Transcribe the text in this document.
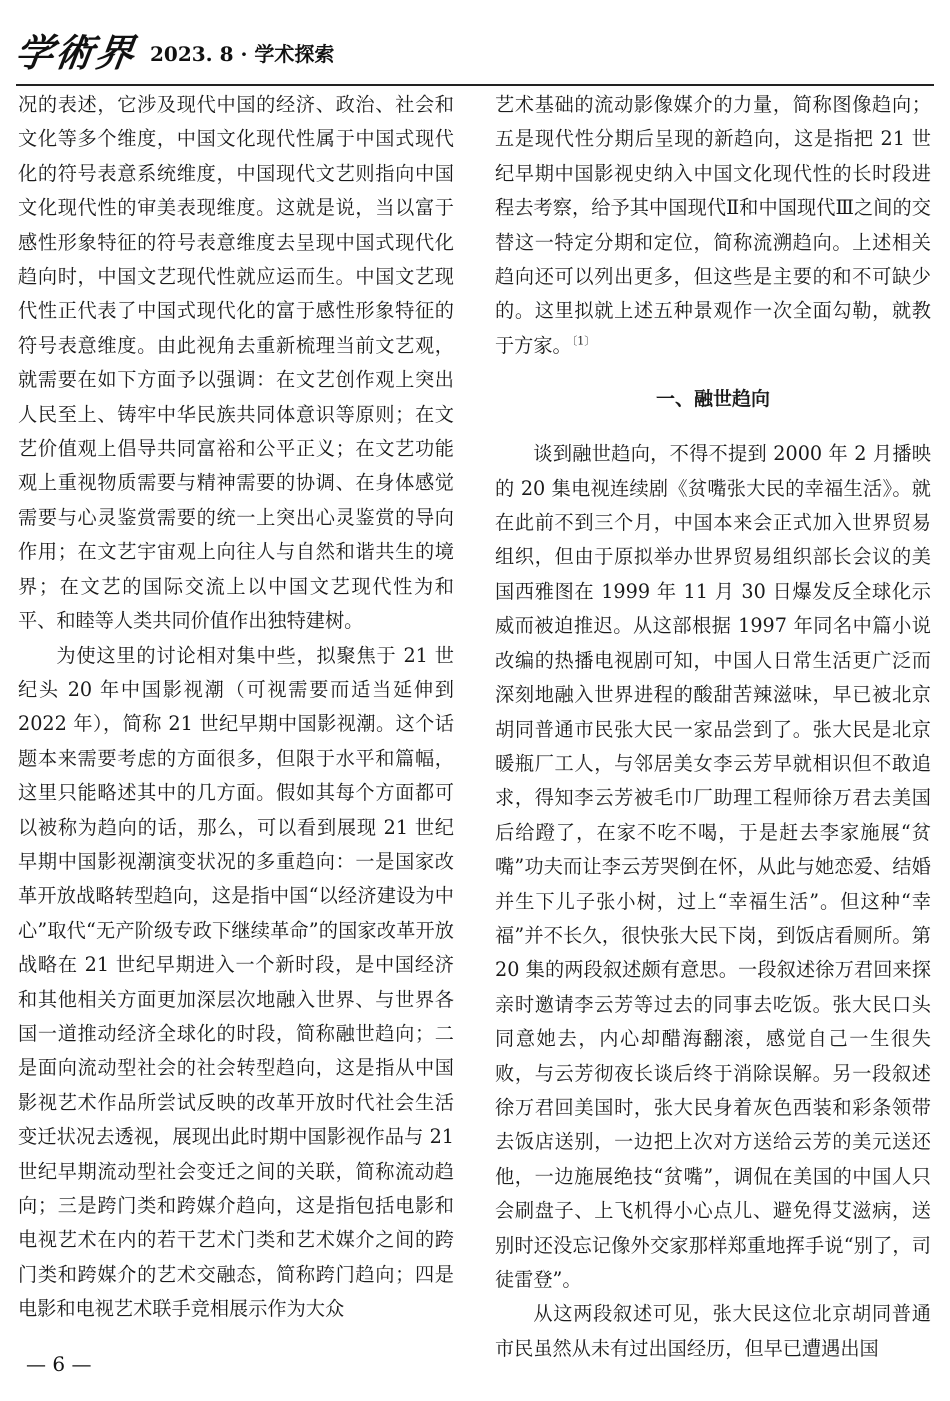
学術界 2023. 8 · 学术探索

况的表述，它涉及现代中国的经济、政治、社会和文化等多个维度，中国文化现代性属于中国式现代化的符号表意系统维度，中国现代文艺则指向中国文化现代性的审美表现维度。这就是说，当以富于感性形象特征的符号表意维度去呈现中国式现代化趋向时，中国文艺现代性就应运而生。中国文艺现代性正代表了中国式现代化的富于感性形象特征的符号表意维度。由此视角去重新梳理当前文艺观，就需要在如下方面予以强调：在文艺创作观上突出人民至上、铸牢中华民族共同体意识等原则；在文艺价值观上倡导共同富裕和公平正义；在文艺功能观上重视物质需要与精神需要的协调、在身体感觉需要与心灵鉴赏需要的统一上突出心灵鉴赏的导向作用；在文艺宇宙观上向往人与自然和谐共生的境界；在文艺的国际交流上以中国文艺现代性为和平、和睦等人类共同价值作出独特建树。

为使这里的讨论相对集中些，拟聚焦于 21 世纪头 20 年中国影视潮（可视需要而适当延伸到 2022 年），简称 21 世纪早期中国影视潮。这个话题本来需要考虑的方面很多，但限于水平和篇幅，这里只能略述其中的几方面。假如其每个方面都可以被称为趋向的话，那么，可以看到展现 21 世纪早期中国影视潮演变状况的多重趋向：一是国家改革开放战略转型趋向，这是指中国“以经济建设为中心”取代“无产阶级专政下继续革命”的国家改革开放战略在 21 世纪早期进入一个新时段，是中国经济和其他相关方面更加深层次地融入世界、与世界各国一道推动经济全球化的时段，简称融世趋向；二是面向流动型社会的社会转型趋向，这是指从中国影视艺术作品所尝试反映的改革开放时代社会生活变迁状况去透视，展现出此时期中国影视作品与 21 世纪早期流动型社会变迁之间的关联，简称流动趋向；三是跨门类和跨媒介趋向，这是指包括电影和电视艺术在内的若干艺术门类和艺术媒介之间的跨门类和跨媒介的艺术交融态，简称跨门趋向；四是电影和电视艺术联手竞相展示作为大众

艺术基础的流动影像媒介的力量，简称图像趋向；五是现代性分期后呈现的新趋向，这是指把 21 世纪早期中国影视史纳入中国文化现代性的长时段进程去考察，给予其中国现代Ⅱ和中国现代Ⅲ之间的交替这一特定分期和定位，简称流溯趋向。上述相关趋向还可以列出更多，但这些是主要的和不可缺少的。这里拟就上述五种景观作一次全面勾勒，就教于方家。$^{〔1〕}$

一、融世趋向

谈到融世趋向，不得不提到 2000 年 2 月播映的 20 集电视连续剧《贫嘴张大民的幸福生活》。就在此前不到三个月，中国本来会正式加入世界贸易组织，但由于原拟举办世界贸易组织部长会议的美国西雅图在 1999 年 11 月 30 日爆发反全球化示威而被迫推迟。从这部根据 1997 年同名中篇小说改编的热播电视剧可知，中国人日常生活更广泛而深刻地融入世界进程的酸甜苦辣滋味，早已被北京胡同普通市民张大民一家品尝到了。张大民是北京暖瓶厂工人，与邻居美女李云芳早就相识但不敢追求，得知李云芳被毛巾厂助理工程师徐万君去美国后给蹬了，在家不吃不喝，于是赶去李家施展“贫嘴”功夫而让李云芳哭倒在怀，从此与她恋爱、结婚并生下儿子张小树，过上“幸福生活”。但这种“幸福”并不长久，很快张大民下岗，到饭店看厕所。第 20 集的两段叙述颇有意思。一段叙述徐万君回来探亲时邀请李云芳等过去的同事去吃饭。张大民口头同意她去，内心却醋海翻滚，感觉自己一生很失败，与云芳彻夜长谈后终于消除误解。另一段叙述徐万君回美国时，张大民身着灰色西装和彩条领带去饭店送别，一边把上次对方送给云芳的美元送还他，一边施展绝技“贫嘴”，调侃在美国的中国人只会刷盘子、上飞机得小心点儿、避免得艾滋病，送别时还没忘记像外交家那样郑重地挥手说“别了，司徒雷登”。

从这两段叙述可见，张大民这位北京胡同普通市民虽然从未有过出国经历，但早已遭遇出国

— 6 —
